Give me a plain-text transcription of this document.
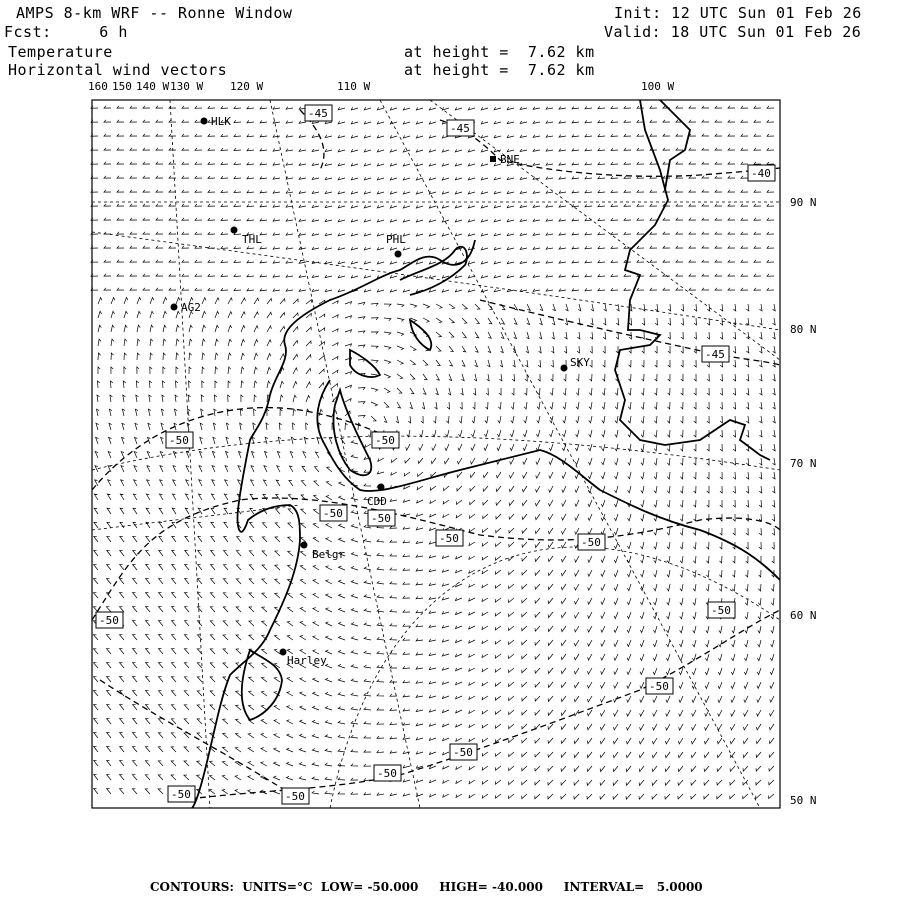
AMPS 8-km WRF -- Ronne Window
Fcst:     6 h
Temperature
Horizontal wind vectors
at height =  7.62 km
at height =  7.62 km
Init: 12 UTC Sun 01 Feb 26
Valid: 18 UTC Sun 01 Feb 26
160 150 140 W 130 W 120 W	110 W	100 W
90 N
80 N
70 N
60 N
50 N
HLK
BNE
THL	PHL
AG2
SKY
CDD
Belgr
Harley
-45
-45
-40
-45
-50	-50
-50
-50	-50
-50
-50
-50
-50
-50
-50	-50
-50
CONTOURS:  UNITS=°C  LOW= -50.000     HIGH= -40.000     INTERVAL=   5.0000
